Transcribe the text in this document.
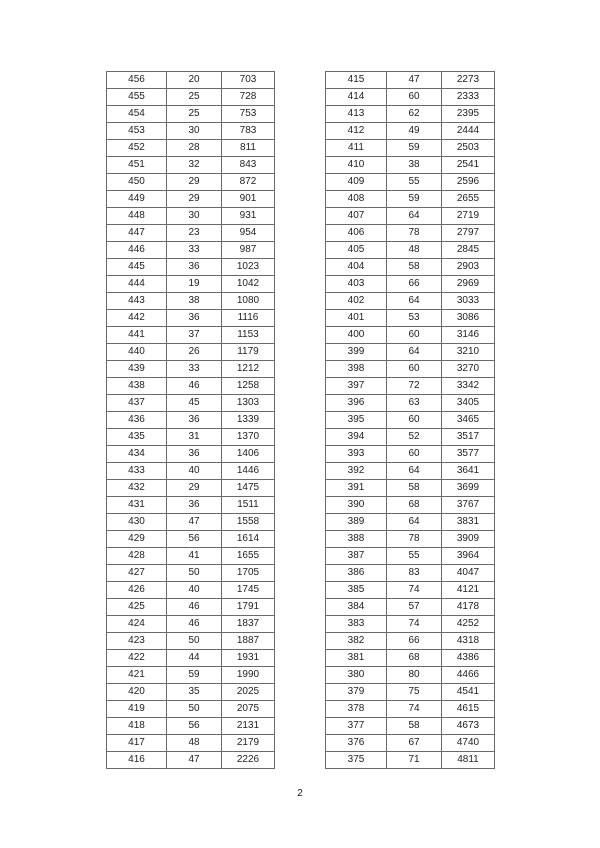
456	20	703
455	25	728
454	25	753
453	30	783
452	28	811
451	32	843
450	29	872
449	29	901
448	30	931
447	23	954
446	33	987
445	36	1023
444	19	1042
443	38	1080
442	36	1116
441	37	1153
440	26	1179
439	33	1212
438	46	1258
437	45	1303
436	36	1339
435	31	1370
434	36	1406
433	40	1446
432	29	1475
431	36	1511
430	47	1558
429	56	1614
428	41	1655
427	50	1705
426	40	1745
425	46	1791
424	46	1837
423	50	1887
422	44	1931
421	59	1990
420	35	2025
419	50	2075
418	56	2131
417	48	2179
416	47	2226
415	47	2273
414	60	2333
413	62	2395
412	49	2444
411	59	2503
410	38	2541
409	55	2596
408	59	2655
407	64	2719
406	78	2797
405	48	2845
404	58	2903
403	66	2969
402	64	3033
401	53	3086
400	60	3146
399	64	3210
398	60	3270
397	72	3342
396	63	3405
395	60	3465
394	52	3517
393	60	3577
392	64	3641
391	58	3699
390	68	3767
389	64	3831
388	78	3909
387	55	3964
386	83	4047
385	74	4121
384	57	4178
383	74	4252
382	66	4318
381	68	4386
380	80	4466
379	75	4541
378	74	4615
377	58	4673
376	67	4740
375	71	4811
2
